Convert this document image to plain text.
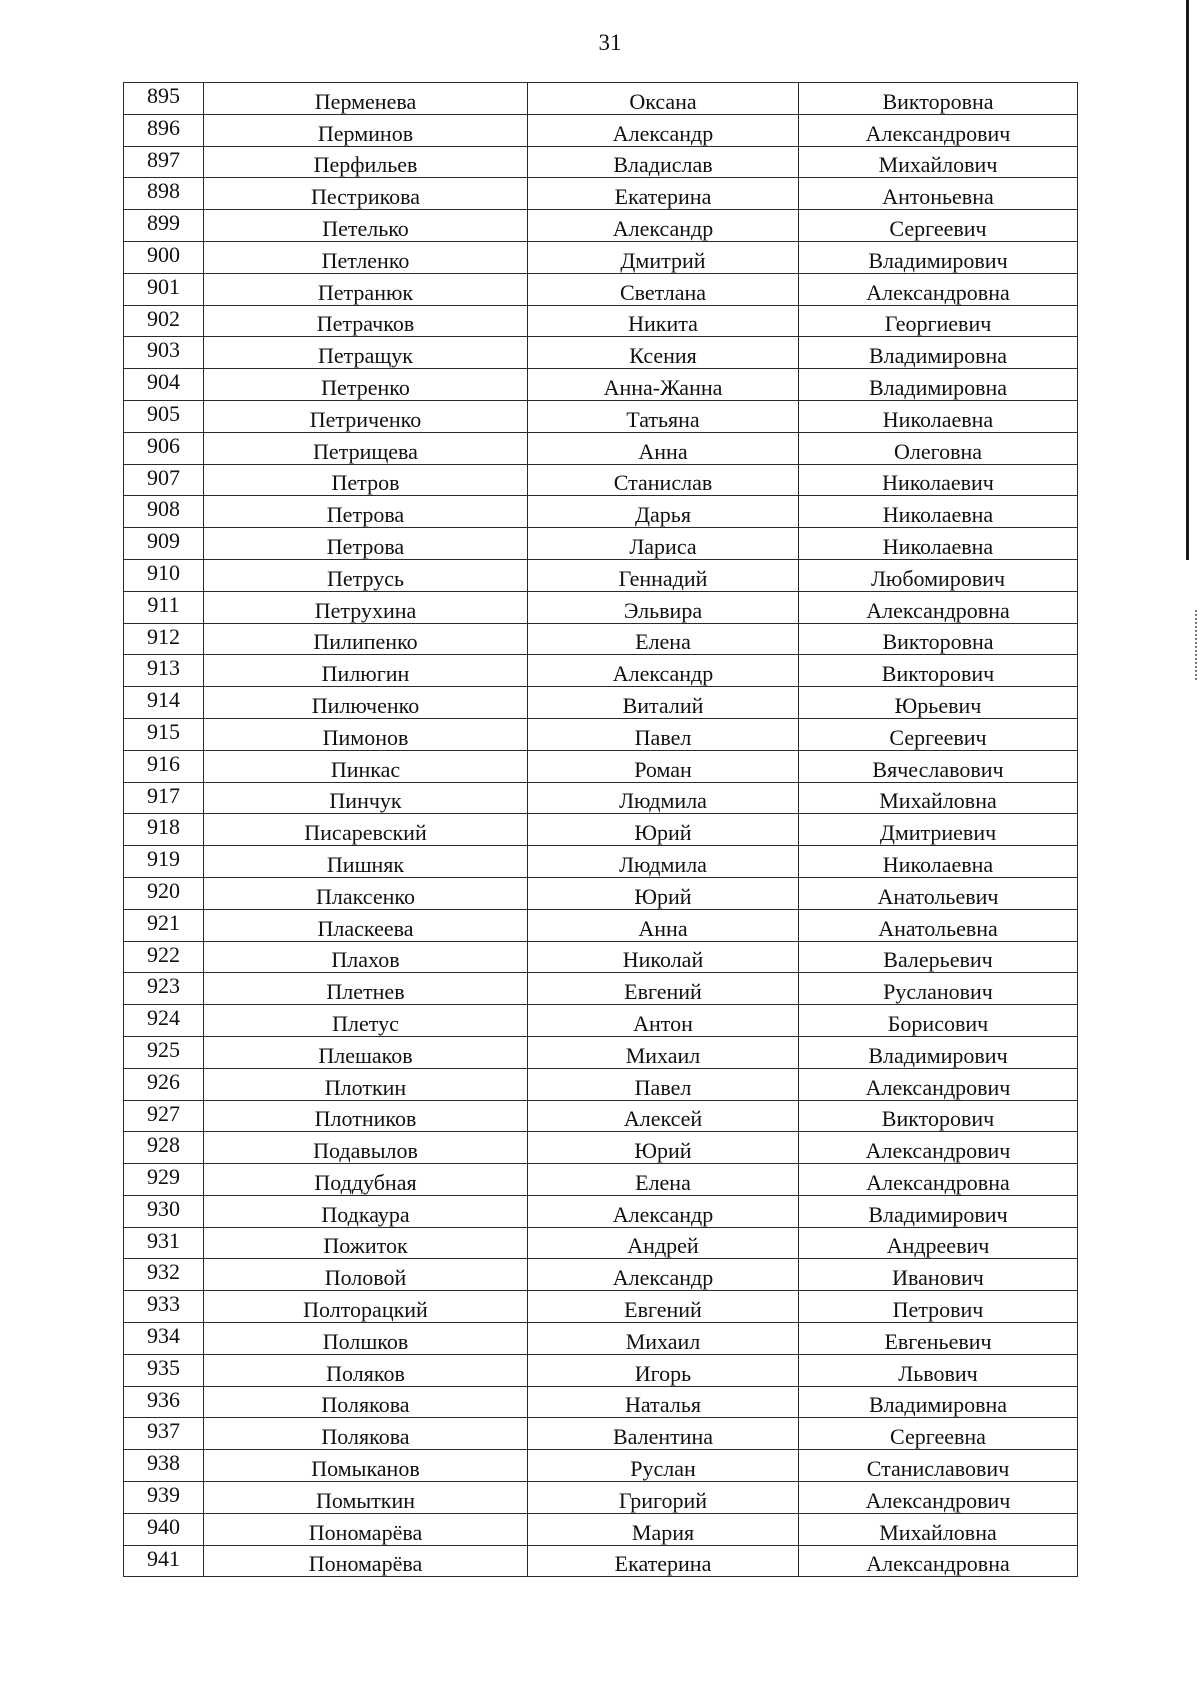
31
895	Перменева	Оксана	Викторовна
896	Перминов	Александр	Александрович
897	Перфильев	Владислав	Михайлович
898	Пестрикова	Екатерина	Антоньевна
899	Петелько	Александр	Сергеевич
900	Петленко	Дмитрий	Владимирович
901	Петранюк	Светлана	Александровна
902	Петрачков	Никита	Георгиевич
903	Петращук	Ксения	Владимировна
904	Петренко	Анна-Жанна	Владимировна
905	Петриченко	Татьяна	Николаевна
906	Петрищева	Анна	Олеговна
907	Петров	Станислав	Николаевич
908	Петрова	Дарья	Николаевна
909	Петрова	Лариса	Николаевна
910	Петрусь	Геннадий	Любомирович
911	Петрухина	Эльвира	Александровна
912	Пилипенко	Елена	Викторовна
913	Пилюгин	Александр	Викторович
914	Пилюченко	Виталий	Юрьевич
915	Пимонов	Павел	Сергеевич
916	Пинкас	Роман	Вячеславович
917	Пинчук	Людмила	Михайловна
918	Писаревский	Юрий	Дмитриевич
919	Пишняк	Людмила	Николаевна
920	Плаксенко	Юрий	Анатольевич
921	Пласкеева	Анна	Анатольевна
922	Плахов	Николай	Валерьевич
923	Плетнев	Евгений	Русланович
924	Плетус	Антон	Борисович
925	Плешаков	Михаил	Владимирович
926	Плоткин	Павел	Александрович
927	Плотников	Алексей	Викторович
928	Подавылов	Юрий	Александрович
929	Поддубная	Елена	Александровна
930	Подкаура	Александр	Владимирович
931	Пожиток	Андрей	Андреевич
932	Половой	Александр	Иванович
933	Полторацкий	Евгений	Петрович
934	Полшков	Михаил	Евгеньевич
935	Поляков	Игорь	Львович
936	Полякова	Наталья	Владимировна
937	Полякова	Валентина	Сергеевна
938	Помыканов	Руслан	Станиславович
939	Помыткин	Григорий	Александрович
940	Пономарёва	Мария	Михайловна
941	Пономарёва	Екатерина	Александровна
